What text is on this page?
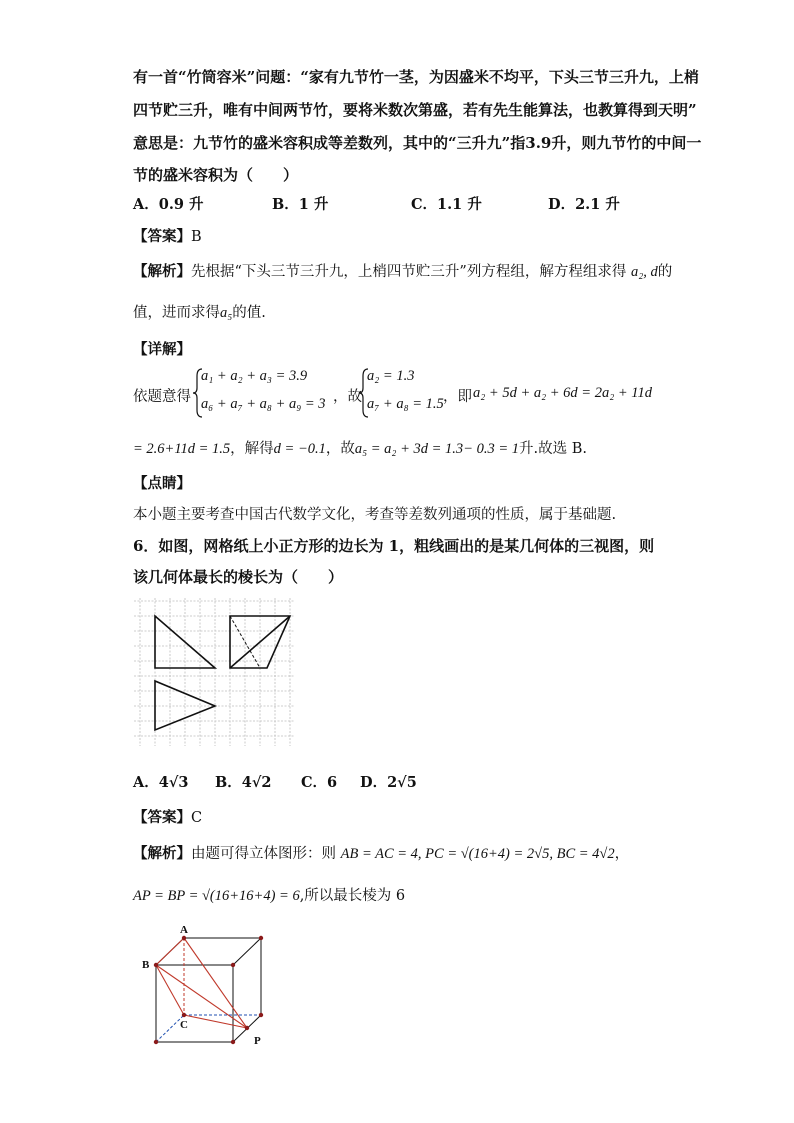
有一首“竹筒容米”问题：“家有九节竹一茎，为因盛米不均平，下头三节三升九，上梢
四节贮三升，唯有中间两节竹，要将米数次第盛，若有先生能算法，也教算得到天明”
意思是：九节竹的盛米容积成等差数列，其中的“三升九”指3.9升，则九节竹的中间一
节的盛米容积为（　　）
A．0.9 升	B．1 升	C．1.1 升	D．2.1 升
【答案】B
【解析】先根据“下头三节三升九，上梢四节贮三升”列方程组，解方程组求得 a₂, d的
值，进而求得a₅的值.
【详解】
依题意得
a₁ + a₂ + a₃ = 3.9
a₆ + a₇ + a₈ + a₉ = 3 ，故
a₂ = 1.3
a₇ + a₈ = 1.5 ，即 a₂ + 5d + a₂ + 6d = 2a₂ + 11d
= 2.6+11d = 1.5，解得d = −0.1，故a₅ = a₂ + 3d = 1.3− 0.3 = 1升.故选 B.
【点睛】
本小题主要考查中国古代数学文化，考查等差数列通项的性质，属于基础题.
6．如图，网格纸上小正方形的边长为 1，粗线画出的是某几何体的三视图，则
该几何体最长的棱长为（　　）
A．4√3 B．4√2 C．6 D．2√5
【答案】C
【解析】由题可得立体图形：则 AB = AC = 4, PC = √(16+4) = 2√5, BC = 4√2，
AP = BP = √(16+16+4) = 6,所以最长棱为 6
A
B
C
P
